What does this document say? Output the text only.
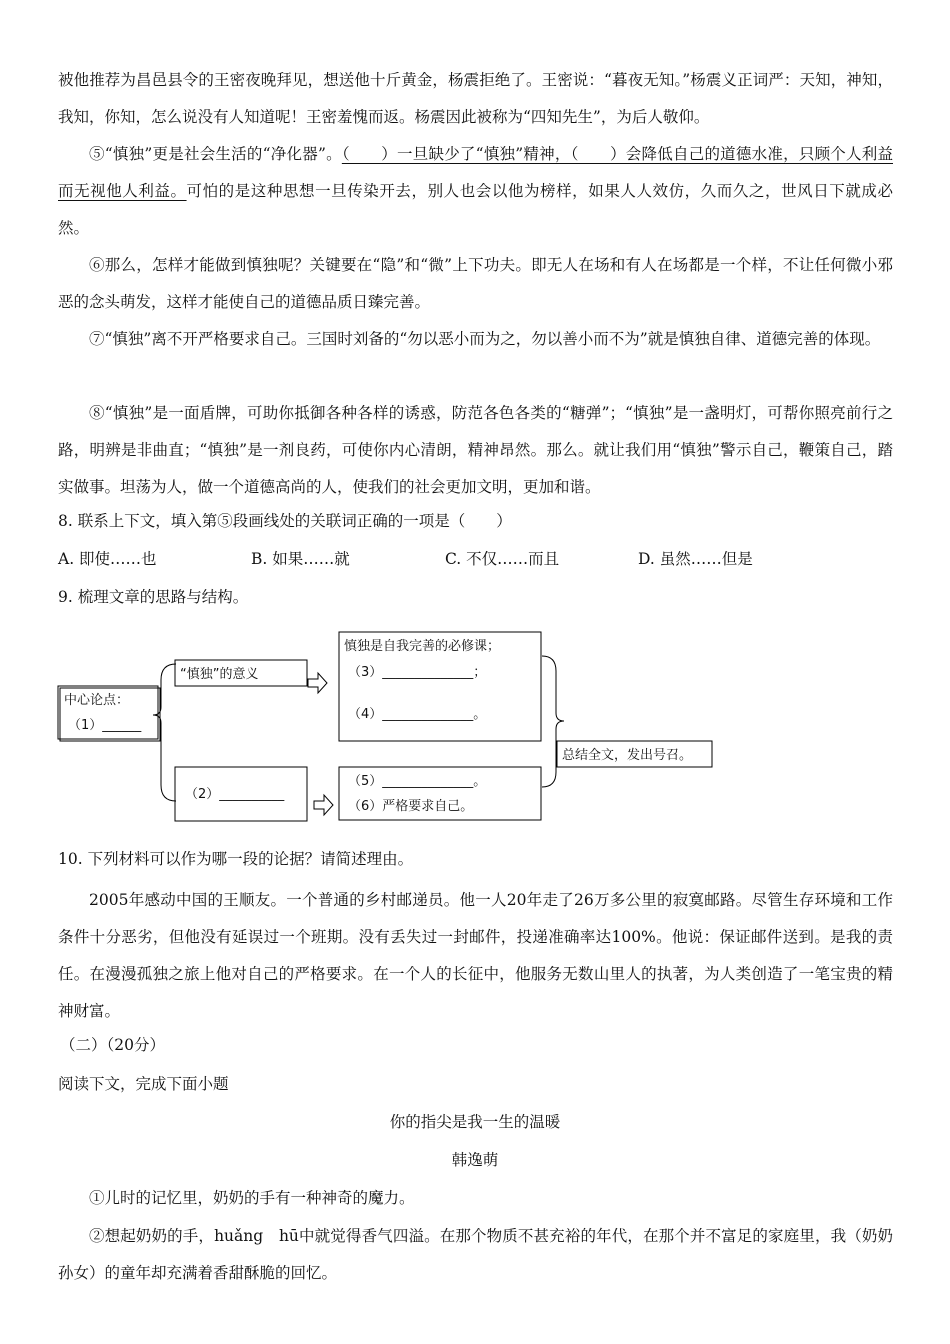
被他推荐为昌邑县令的王密夜晚拜见，想送他十斤黄金，杨震拒绝了。王密说：“暮夜无知。”杨震义正词严：天知，神知，我知，你知，怎么说没有人知道呢！王密羞愧而返。杨震因此被称为“四知先生”，为后人敬仰。

⑤“慎独”更是社会生活的“净化器”。（　　）一旦缺少了“慎独”精神，（　　）会降低自己的道德水准，只顾个人利益而无视他人利益。可怕的是这种思想一旦传染开去，别人也会以他为榜样，如果人人效仿，久而久之，世风日下就成必然。

⑥那么，怎样才能做到慎独呢？关键要在“隐”和“微”上下功夫。即无人在场和有人在场都是一个样，不让任何微小邪恶的念头萌发，这样才能使自己的道德品质日臻完善。

⑦“慎独”离不开严格要求自己。三国时刘备的“勿以恶小而为之，勿以善小而不为”就是慎独自律、道德完善的体现。

⑧“慎独”是一面盾牌，可助你抵御各种各样的诱惑，防范各色各类的“糖弹”；“慎独”是一盏明灯，可帮你照亮前行之路，明辨是非曲直；“慎独”是一剂良药，可使你内心清朗，精神昂然。那么。就让我们用“慎独”警示自己，鞭策自己，踏实做事。坦荡为人，做一个道德高尚的人，使我们的社会更加文明，更加和谐。

8. 联系上下文，填入第⑤段画线处的关联词正确的一项是（　　）
A. 即使……也	B. 如果……就	C. 不仅……而且	D. 虽然……但是
9. 梳理文章的思路与结构。
中心论点：
（1）______
“慎独”的意义
（2）__________
慎独是自我完善的必修课；
（3）______________；
（4）______________。
（5）______________。
（6）严格要求自己。
总结全文，发出号召。
10. 下列材料可以作为哪一段的论据？请简述理由。

2005年感动中国的王顺友。一个普通的乡村邮递员。他一人20年走了26万多公里的寂寞邮路。尽管生存环境和工作条件十分恶劣，但他没有延误过一个班期。没有丢失过一封邮件，投递准确率达100%。他说：保证邮件送到。是我的责任。在漫漫孤独之旅上他对自己的严格要求。在一个人的长征中，他服务无数山里人的执著，为人类创造了一笔宝贵的精神财富。

（二）（20分）
阅读下文，完成下面小题
你的指尖是我一生的温暖
韩逸萌

①儿时的记忆里，奶奶的手有一种神奇的魔力。

②想起奶奶的手，huǎng　hū中就觉得香气四溢。在那个物质不甚充裕的年代，在那个并不富足的家庭里，我（奶奶孙女）的童年却充满着香甜酥脆的回忆。
